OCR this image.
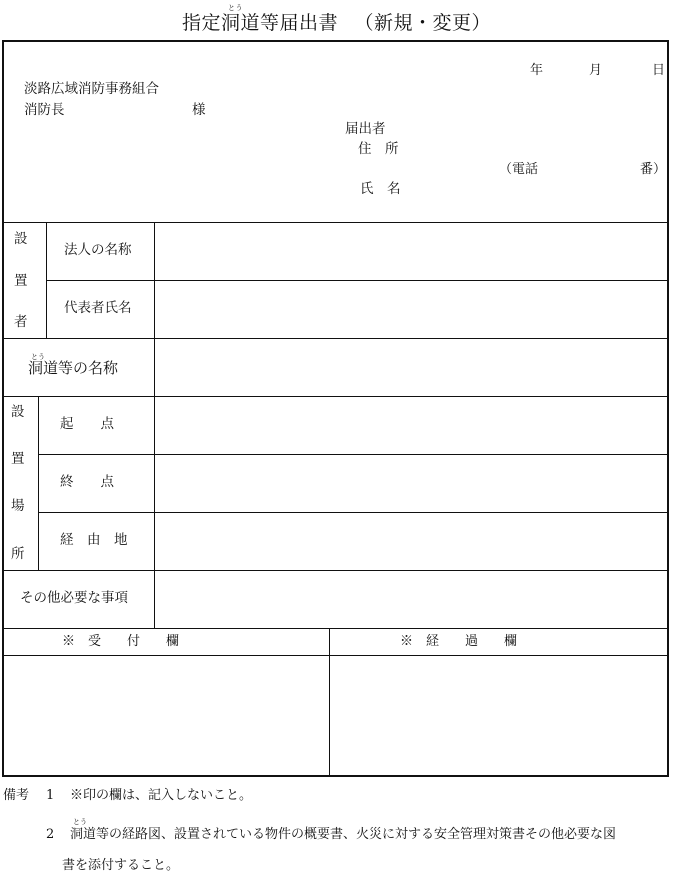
指定洞道等届出書
とう
（新規・変更）
年	月	日
淡路広域消防事務組合
消防長	様
届出者
住　所
（電話	番）
氏　名
設
置
者
法人の名称
代表者氏名
とう
洞道等の名称
設
置
場
所
起　　点
終　　点
経　由　地
その他必要な事項
※　受　　付　　欄	※　経　　過　　欄
備考 1 ※印の欄は、記入しないこと。
とう
2 洞道等の経路図、設置されている物件の概要書、火災に対する安全管理対策書その他必要な図
書を添付すること。
